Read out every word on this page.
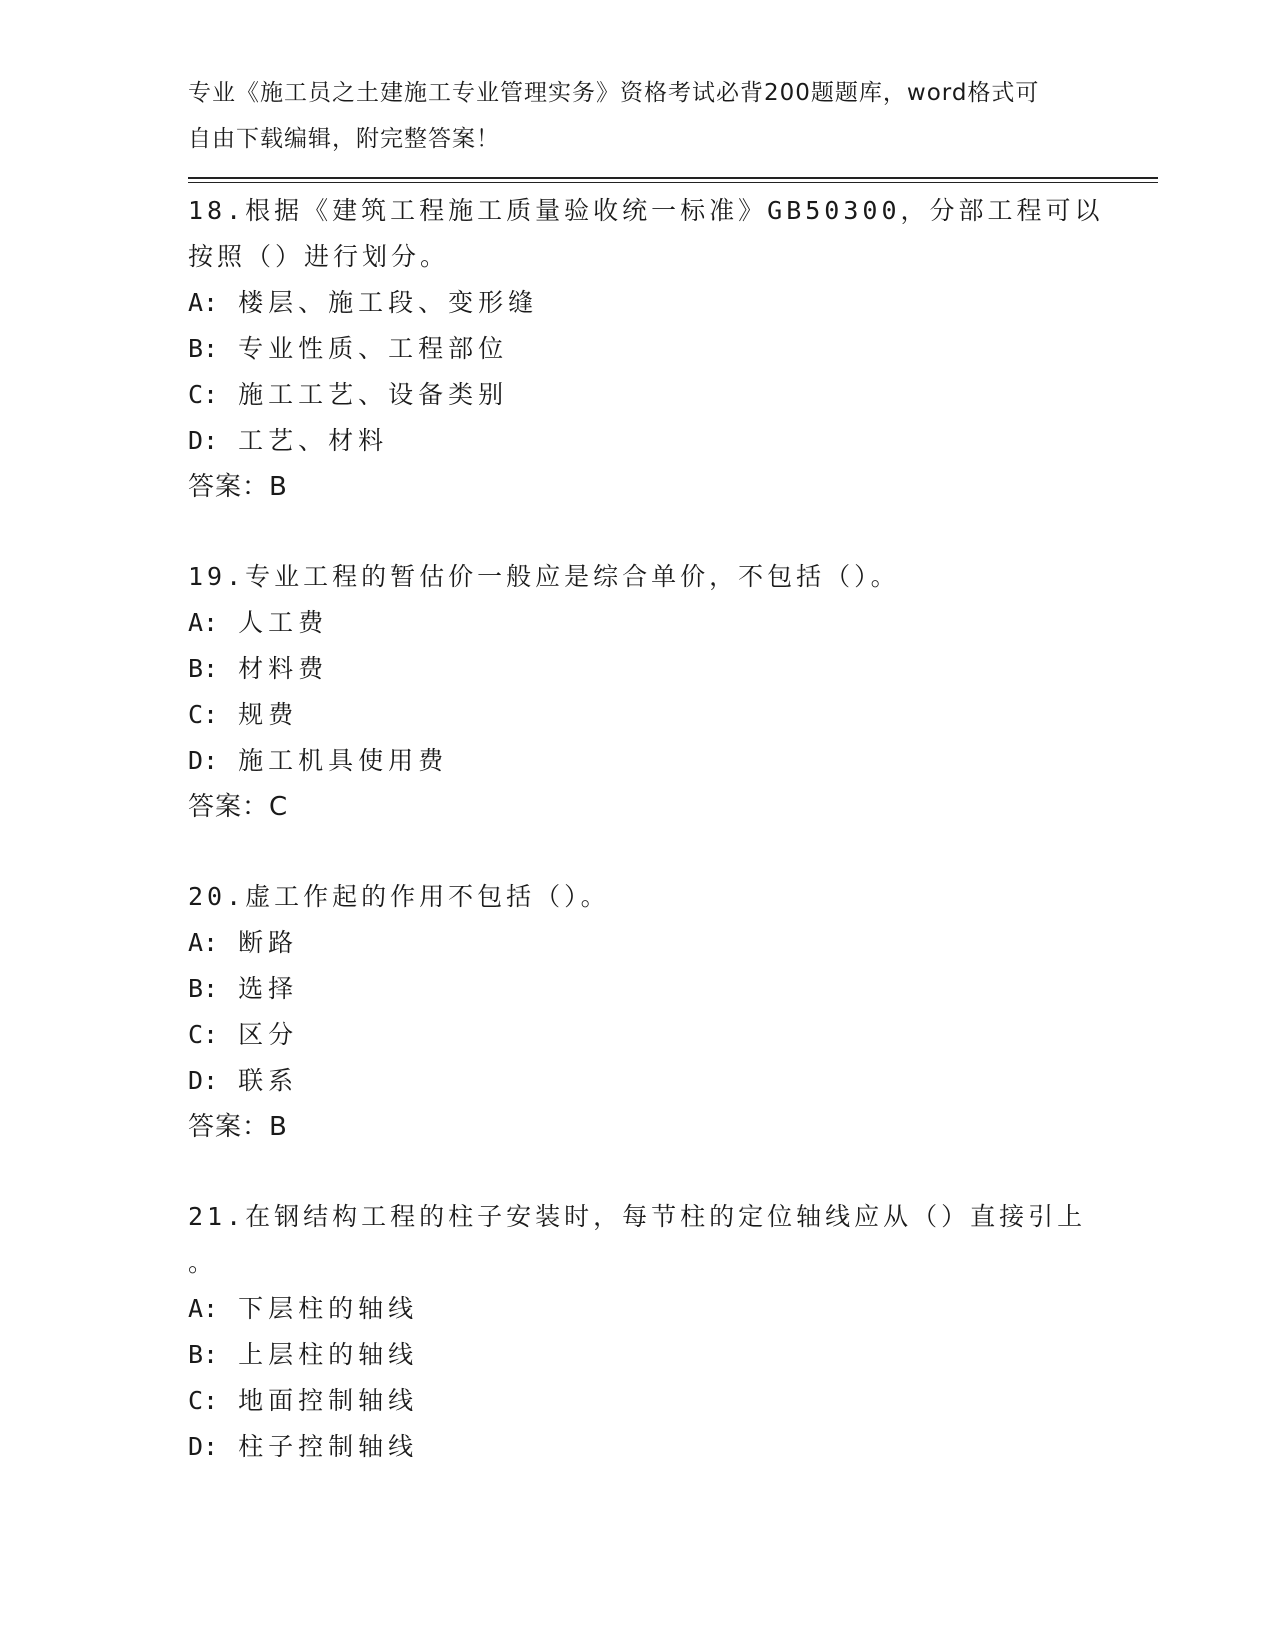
专业《施工员之土建施工专业管理实务》资格考试必背200题题库，word格式可
自由下载编辑，附完整答案！
18.根据《建筑工程施工质量验收统一标准》GB50300，分部工程可以
按照（）进行划分。
A: 楼层、施工段、变形缝
B: 专业性质、工程部位
C: 施工工艺、设备类别
D: 工艺、材料
答案：B
19.专业工程的暂估价一般应是综合单价，不包括（）。
A: 人工费
B: 材料费
C: 规费
D: 施工机具使用费
答案：C
20.虚工作起的作用不包括（）。
A: 断路
B: 选择
C: 区分
D: 联系
答案：B
21.在钢结构工程的柱子安装时，每节柱的定位轴线应从（）直接引上
。
A: 下层柱的轴线
B: 上层柱的轴线
C: 地面控制轴线
D: 柱子控制轴线
